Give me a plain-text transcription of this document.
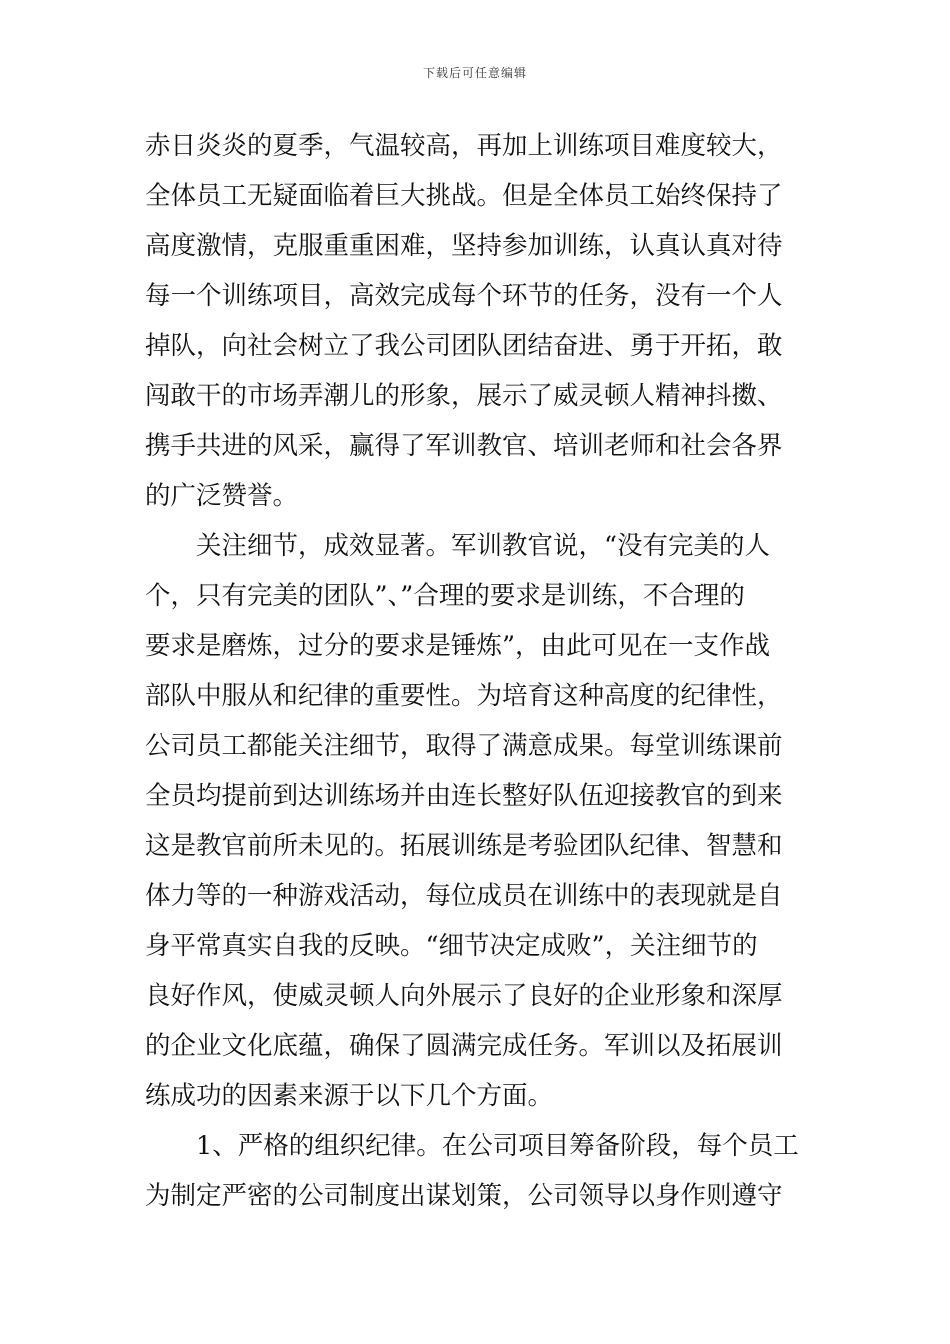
下载后可任意编辑
赤日炎炎的夏季，气温较高，再加上训练项目难度较大，
全体员工无疑面临着巨大挑战。但是全体员工始终保持了
高度激情，克服重重困难，坚持参加训练，认真认真对待
每一个训练项目，高效完成每个环节的任务，没有一个人
掉队，向社会树立了我公司团队团结奋进、勇于开拓，敢
闯敢干的市场弄潮儿的形象，展示了威灵顿人精神抖擞、
携手共进的风采，赢得了军训教官、培训老师和社会各界
的广泛赞誉。
　　关注细节，成效显著。军训教官说，“没有完美的人
个，只有完美的团队”、”合理的要求是训练，不合理的
要求是磨炼，过分的要求是锤炼”，由此可见在一支作战
部队中服从和纪律的重要性。为培育这种高度的纪律性，
公司员工都能关注细节，取得了满意成果。每堂训练课前
全员均提前到达训练场并由连长整好队伍迎接教官的到来
这是教官前所未见的。拓展训练是考验团队纪律、智慧和
体力等的一种游戏活动，每位成员在训练中的表现就是自
身平常真实自我的反映。“细节决定成败”，关注细节的
良好作风，使威灵顿人向外展示了良好的企业形象和深厚
的企业文化底蕴，确保了圆满完成任务。军训以及拓展训
练成功的因素来源于以下几个方面。
　　1、严格的组织纪律。在公司项目筹备阶段，每个员工
为制定严密的公司制度出谋划策，公司领导以身作则遵守
